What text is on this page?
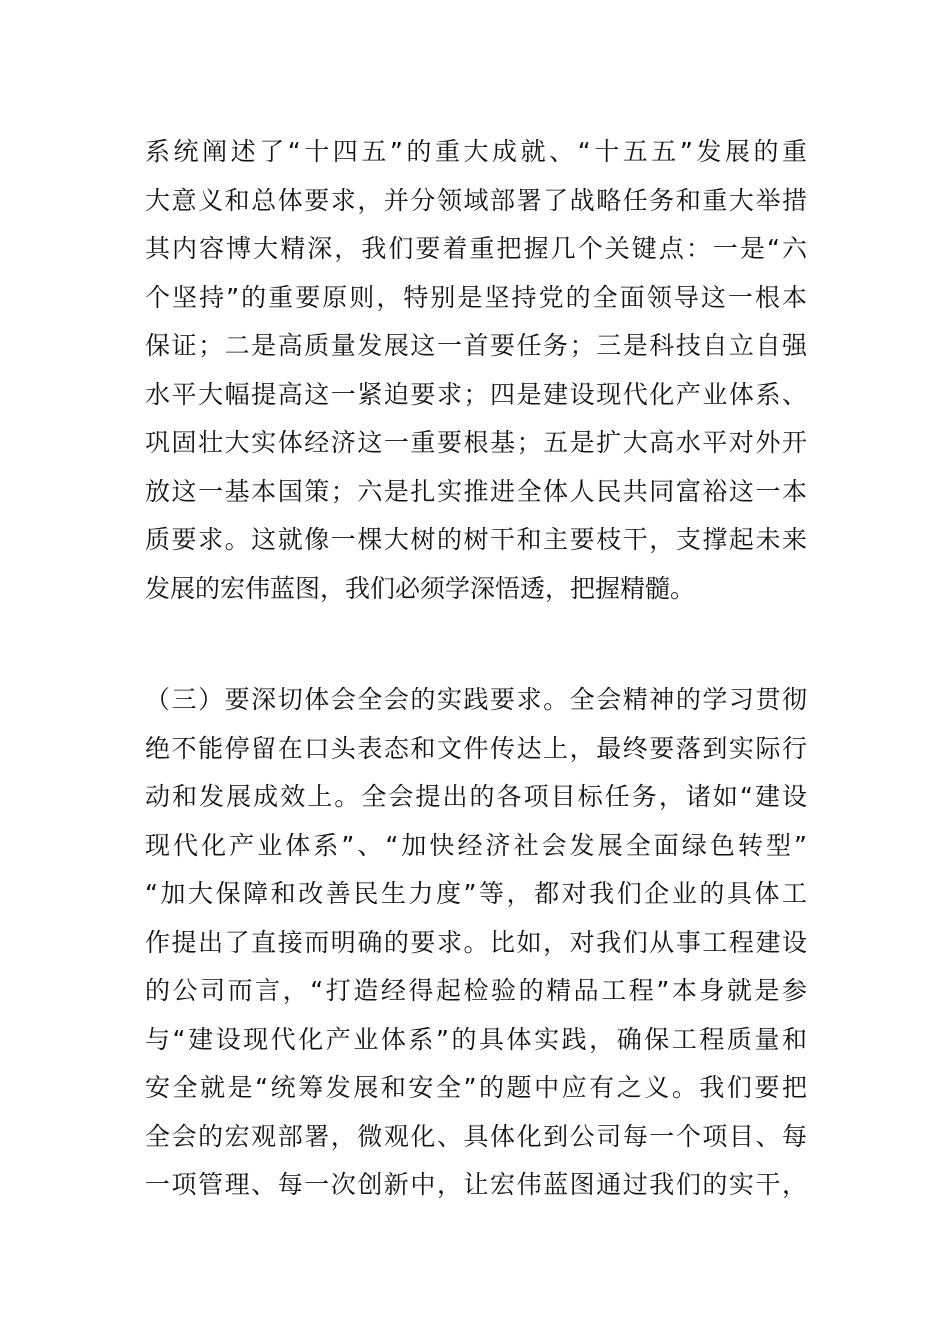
系统阐述了“十四五”的重大成就、“十五五”发展的重
大意义和总体要求，并分领域部署了战略任务和重大举措
其内容博大精深，我们要着重把握几个关键点：一是“六
个坚持”的重要原则，特别是坚持党的全面领导这一根本
保证；二是高质量发展这一首要任务；三是科技自立自强
水平大幅提高这一紧迫要求；四是建设现代化产业体系、
巩固壮大实体经济这一重要根基；五是扩大高水平对外开
放这一基本国策；六是扎实推进全体人民共同富裕这一本
质要求。这就像一棵大树的树干和主要枝干，支撑起未来
发展的宏伟蓝图，我们必须学深悟透，把握精髓。
（三）要深切体会全会的实践要求。全会精神的学习贯彻
绝不能停留在口头表态和文件传达上，最终要落到实际行
动和发展成效上。全会提出的各项目标任务，诸如“建设
现代化产业体系”、“加快经济社会发展全面绿色转型”
“加大保障和改善民生力度”等，都对我们企业的具体工
作提出了直接而明确的要求。比如，对我们从事工程建设
的公司而言，“打造经得起检验的精品工程”本身就是参
与“建设现代化产业体系”的具体实践，确保工程质量和
安全就是“统筹发展和安全”的题中应有之义。我们要把
全会的宏观部署，微观化、具体化到公司每一个项目、每
一项管理、每一次创新中，让宏伟蓝图通过我们的实干，
